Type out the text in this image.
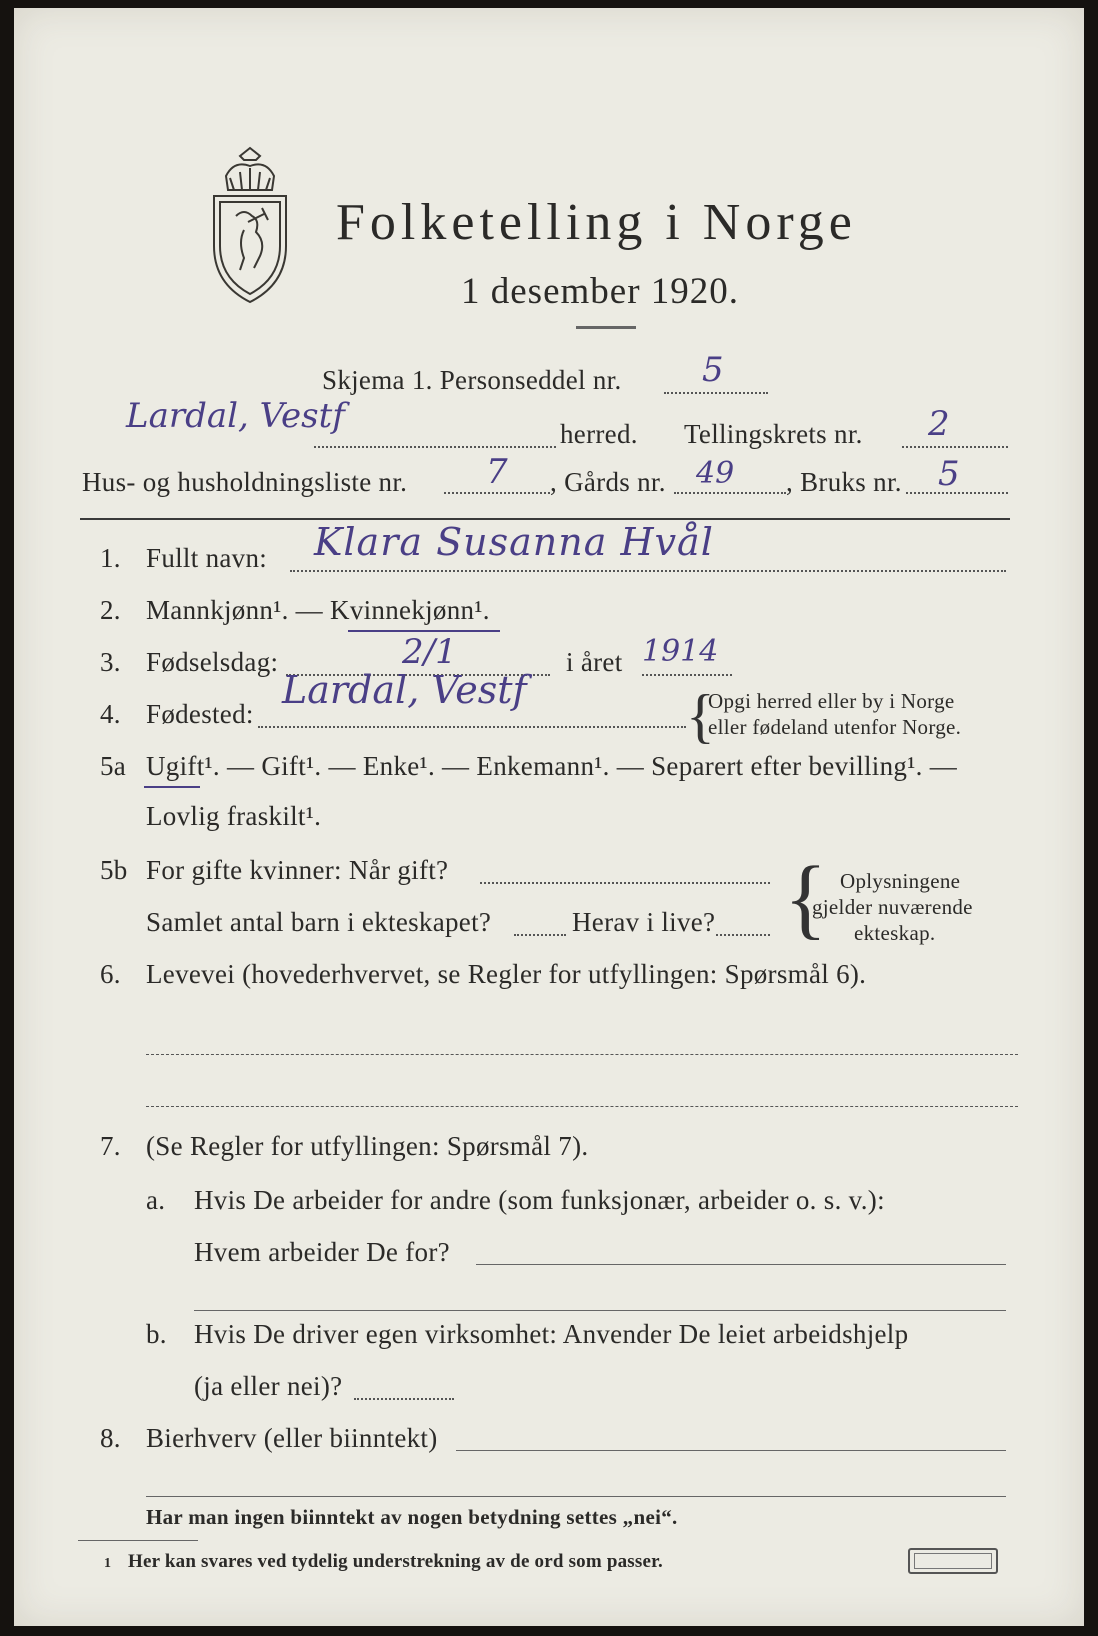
Folketelling i Norge
1 desember 1920.
Skjema 1. Personseddel nr. 5
Lardal, Vestf	herred. Tellingskrets nr. 2
Hus- og husholdningsliste nr. 7 , Gårds nr. 49 , Bruks nr. 5
1. Fullt navn: Klara Susanna Hvål
2. Mannkjønn¹. — Kvinnekjønn¹.
3. Fødselsdag:	2/1	i året 1914
4. Fødested:
Lardal, Vestf	{
Opgi herred eller by i Norge
eller fødeland utenfor Norge.
5a Ugift¹. — Gift¹. — Enke¹. — Enkemann¹. — Separert efter bevilling¹. —
Lovlig fraskilt¹.
5b For gifte kvinner: Når gift?
Samlet antal barn i ekteskapet?	Herav i live? { Oplysningene
gjelder nuværende
ekteskap.
6. Levevei (hovederhvervet, se Regler for utfyllingen: Spørsmål 6).
7. (Se Regler for utfyllingen: Spørsmål 7).
a. Hvis De arbeider for andre (som funksjonær, arbeider o. s. v.):
Hvem arbeider De for?
b. Hvis De driver egen virksomhet: Anvender De leiet arbeidshjelp
(ja eller nei)?
8. Bierhverv (eller biinntekt)
Har man ingen biinntekt av nogen betydning settes „nei“.
1 Her kan svares ved tydelig understrekning av de ord som passer.
